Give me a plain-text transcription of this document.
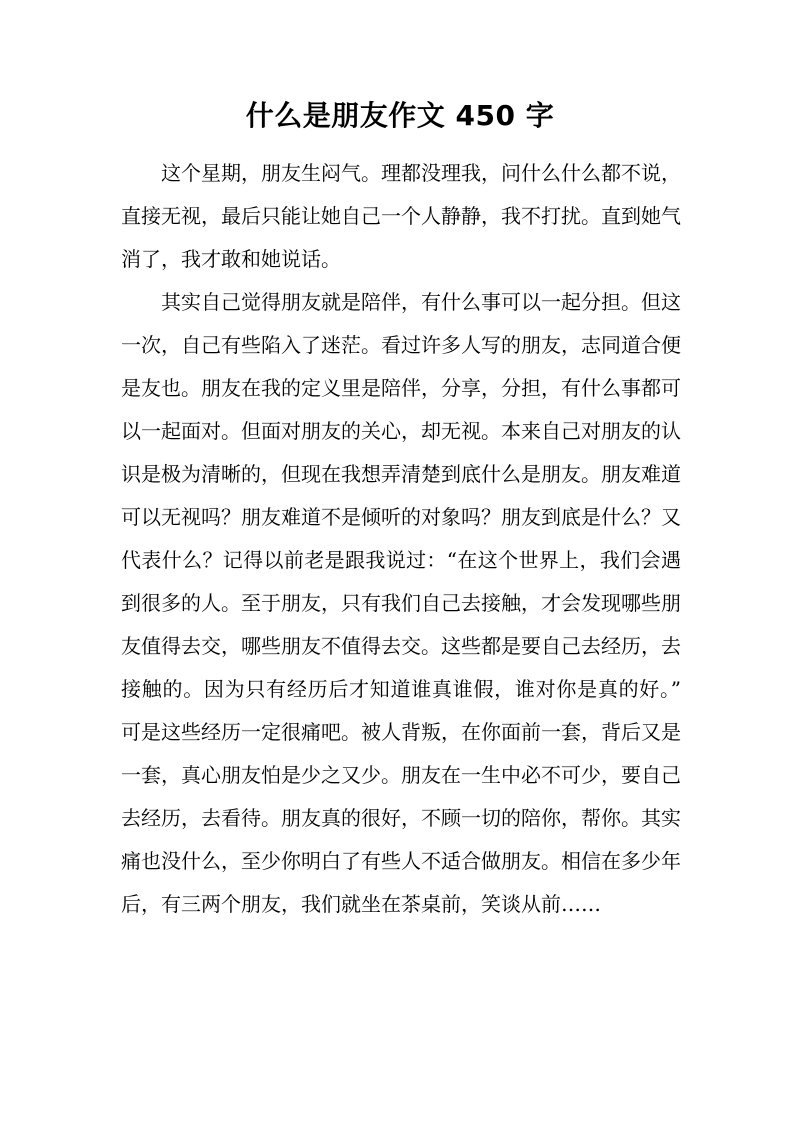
什么是朋友作文 450 字

这个星期，朋友生闷气。理都没理我，问什么什么都不说，直接无视，最后只能让她自己一个人静静，我不打扰。直到她气消了，我才敢和她说话。

其实自己觉得朋友就是陪伴，有什么事可以一起分担。但这一次，自己有些陷入了迷茫。看过许多人写的朋友，志同道合便是友也。朋友在我的定义里是陪伴，分享，分担，有什么事都可以一起面对。但面对朋友的关心，却无视。本来自己对朋友的认识是极为清晰的，但现在我想弄清楚到底什么是朋友。朋友难道可以无视吗？朋友难道不是倾听的对象吗？朋友到底是什么？又代表什么？记得以前老是跟我说过：“在这个世界上，我们会遇到很多的人。至于朋友，只有我们自己去接触，才会发现哪些朋友值得去交，哪些朋友不值得去交。这些都是要自己去经历，去接触的。因为只有经历后才知道谁真谁假，谁对你是真的好。”可是这些经历一定很痛吧。被人背叛，在你面前一套，背后又是一套，真心朋友怕是少之又少。朋友在一生中必不可少，要自己去经历，去看待。朋友真的很好，不顾一切的陪你，帮你。其实痛也没什么，至少你明白了有些人不适合做朋友。相信在多少年后，有三两个朋友，我们就坐在茶桌前，笑谈从前……
